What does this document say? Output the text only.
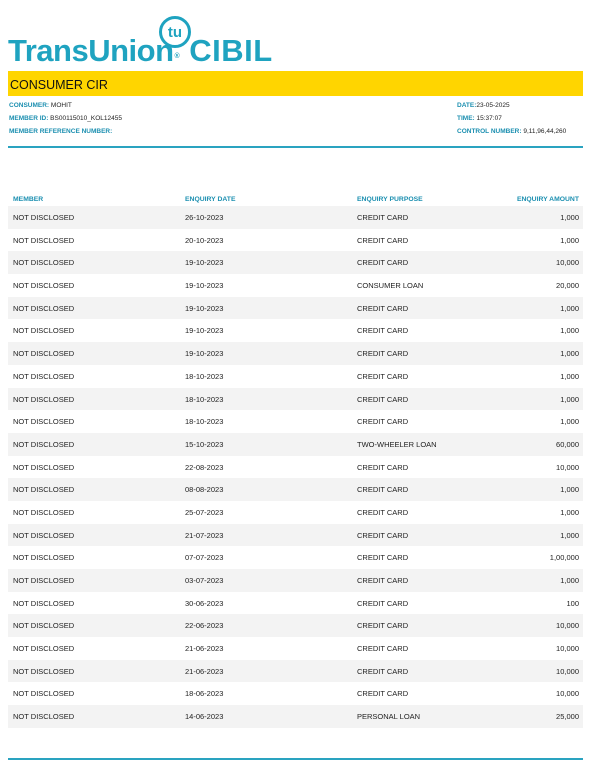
tu
TransUnion® CIBIL
CONSUMER CIR
CONSUMER: MOHIT
MEMBER ID: BS00115010_KOL12455
MEMBER REFERENCE NUMBER:
DATE:23-05-2025
TIME: 15:37:07
CONTROL NUMBER: 9,11,96,44,260
MEMBER	ENQUIRY DATE	ENQUIRY PURPOSE	ENQUIRY AMOUNT
NOT DISCLOSED	26-10-2023	CREDIT CARD	1,000
NOT DISCLOSED	20-10-2023	CREDIT CARD	1,000
NOT DISCLOSED	19-10-2023	CREDIT CARD	10,000
NOT DISCLOSED	19-10-2023	CONSUMER LOAN	20,000
NOT DISCLOSED	19-10-2023	CREDIT CARD	1,000
NOT DISCLOSED	19-10-2023	CREDIT CARD	1,000
NOT DISCLOSED	19-10-2023	CREDIT CARD	1,000
NOT DISCLOSED	18-10-2023	CREDIT CARD	1,000
NOT DISCLOSED	18-10-2023	CREDIT CARD	1,000
NOT DISCLOSED	18-10-2023	CREDIT CARD	1,000
NOT DISCLOSED	15-10-2023	TWO-WHEELER LOAN	60,000
NOT DISCLOSED	22-08-2023	CREDIT CARD	10,000
NOT DISCLOSED	08-08-2023	CREDIT CARD	1,000
NOT DISCLOSED	25-07-2023	CREDIT CARD	1,000
NOT DISCLOSED	21-07-2023	CREDIT CARD	1,000
NOT DISCLOSED	07-07-2023	CREDIT CARD	1,00,000
NOT DISCLOSED	03-07-2023	CREDIT CARD	1,000
NOT DISCLOSED	30-06-2023	CREDIT CARD	100
NOT DISCLOSED	22-06-2023	CREDIT CARD	10,000
NOT DISCLOSED	21-06-2023	CREDIT CARD	10,000
NOT DISCLOSED	21-06-2023	CREDIT CARD	10,000
NOT DISCLOSED	18-06-2023	CREDIT CARD	10,000
NOT DISCLOSED	14-06-2023	PERSONAL LOAN	25,000
